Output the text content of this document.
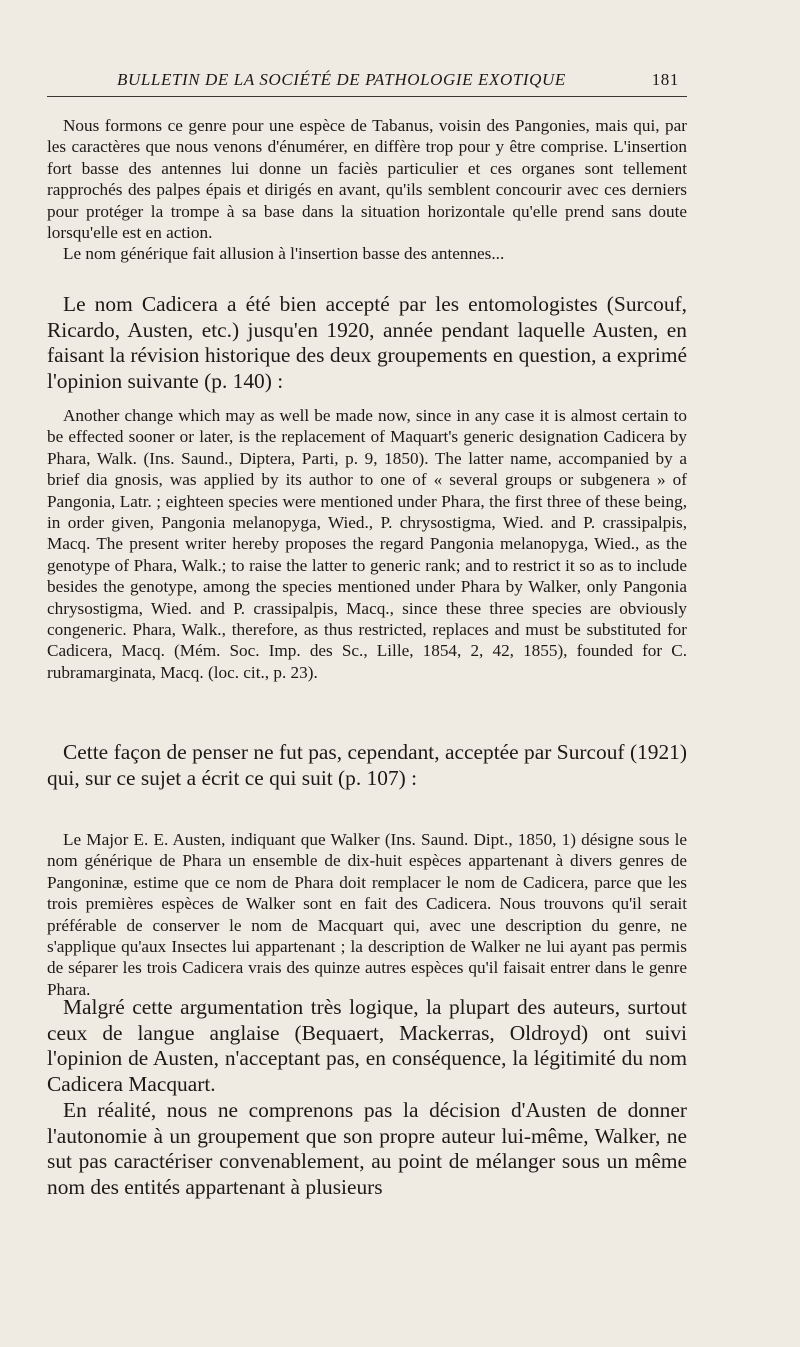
BULLETIN DE LA SOCIÉTÉ DE PATHOLOGIE EXOTIQUE	181

Nous formons ce genre pour une espèce de Tabanus, voisin des Pangonies, mais qui, par les caractères que nous venons d'énumérer, en diffère trop pour y être comprise. L'insertion fort basse des antennes lui donne un faciès particulier et ces organes sont tellement rapprochés des palpes épais et dirigés en avant, qu'ils semblent concourir avec ces derniers pour protéger la trompe à sa base dans la situation horizontale qu'elle prend sans doute lorsqu'elle est en action.

Le nom générique fait allusion à l'insertion basse des antennes...

Le nom Cadicera a été bien accepté par les entomologistes (Surcouf, Ricardo, Austen, etc.) jusqu'en 1920, année pendant laquelle Austen, en faisant la révision historique des deux groupements en question, a exprimé l'opinion suivante (p. 140) :

Another change which may as well be made now, since in any case it is almost certain to be effected sooner or later, is the replacement of Maquart's generic designation Cadicera by Phara, Walk. (Ins. Saund., Diptera, Parti, p. 9, 1850). The latter name, accompanied by a brief dia gnosis, was applied by its author to one of « several groups or subgenera » of Pangonia, Latr. ; eighteen species were mentioned under Phara, the first three of these being, in order given, Pangonia melanopyga, Wied., P. chrysostigma, Wied. and P. crassipalpis, Macq. The present writer hereby proposes the regard Pangonia melanopyga, Wied., as the genotype of Phara, Walk.; to raise the latter to generic rank; and to restrict it so as to include besides the genotype, among the species mentioned under Phara by Walker, only Pangonia chrysostigma, Wied. and P. crassipalpis, Macq., since these three species are obviously congeneric. Phara, Walk., therefore, as thus restricted, replaces and must be substituted for Cadicera, Macq. (Mém. Soc. Imp. des Sc., Lille, 1854, 2, 42, 1855), founded for C. rubramarginata, Macq. (loc. cit., p. 23).

Cette façon de penser ne fut pas, cependant, acceptée par Surcouf (1921) qui, sur ce sujet a écrit ce qui suit (p. 107) :

Le Major E. E. Austen, indiquant que Walker (Ins. Saund. Dipt., 1850, 1) désigne sous le nom générique de Phara un ensemble de dix-huit espèces appartenant à divers genres de Pangoninæ, estime que ce nom de Phara doit remplacer le nom de Cadicera, parce que les trois premières espèces de Walker sont en fait des Cadicera. Nous trouvons qu'il serait préférable de conserver le nom de Macquart qui, avec une description du genre, ne s'applique qu'aux Insectes lui appartenant ; la description de Walker ne lui ayant pas permis de séparer les trois Cadicera vrais des quinze autres espèces qu'il faisait entrer dans le genre Phara.

Malgré cette argumentation très logique, la plupart des auteurs, surtout ceux de langue anglaise (Bequaert, Mackerras, Oldroyd) ont suivi l'opinion de Austen, n'acceptant pas, en conséquence, la légitimité du nom Cadicera Macquart.

En réalité, nous ne comprenons pas la décision d'Austen de donner l'autonomie à un groupement que son propre auteur lui-même, Walker, ne sut pas caractériser convenablement, au point de mélanger sous un même nom des entités appartenant à plusieurs
